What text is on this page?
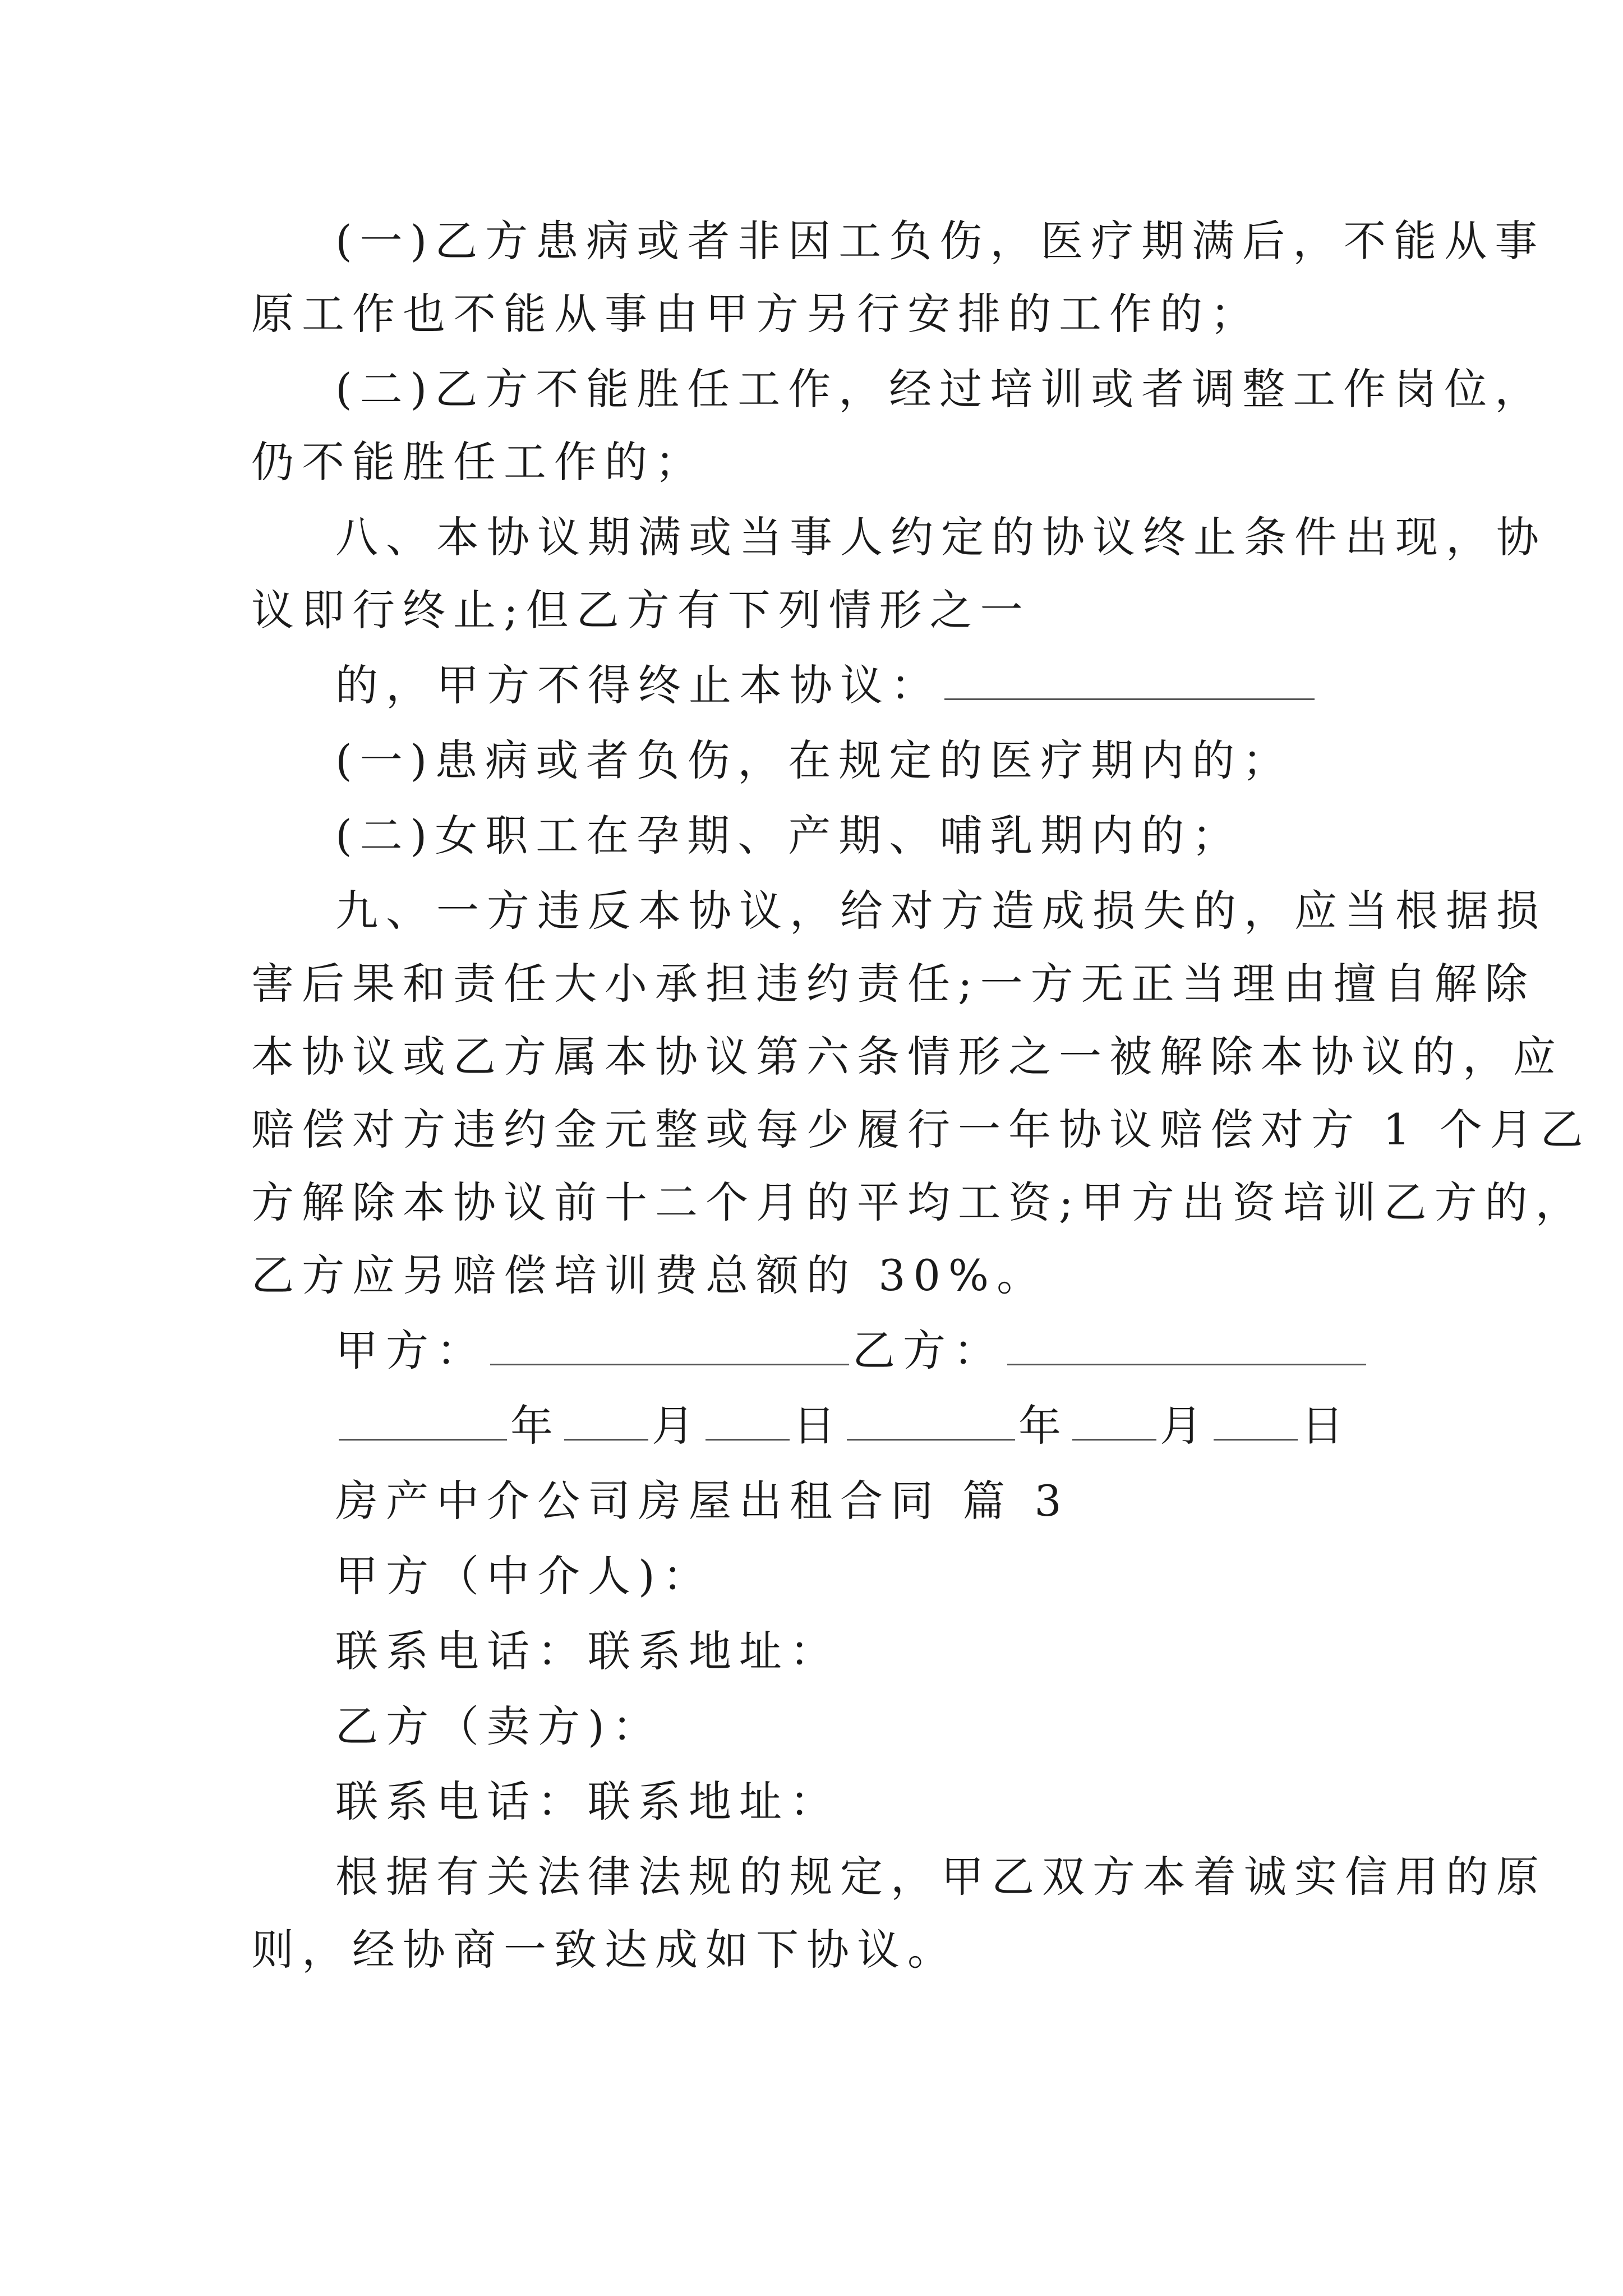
(一)乙方患病或者非因工负伤，医疗期满后，不能从事
原工作也不能从事由甲方另行安排的工作的；
(二)乙方不能胜任工作，经过培训或者调整工作岗位，
仍不能胜任工作的；
八、本协议期满或当事人约定的协议终止条件出现，协
议即行终止;但乙方有下列情形之一
的，甲方不得终止本协议：
(一)患病或者负伤，在规定的医疗期内的；
(二)女职工在孕期、产期、哺乳期内的；
九、一方违反本协议，给对方造成损失的，应当根据损
害后果和责任大小承担违约责任;一方无正当理由擅自解除
本协议或乙方属本协议第六条情形之一被解除本协议的，应
赔偿对方违约金元整或每少履行一年协议赔偿对方 1 个月乙
方解除本协议前十二个月的平均工资;甲方出资培训乙方的，
乙方应另赔偿培训费总额的 30%。
甲方：	乙方：
年 月 日	年 月 日
房产中介公司房屋出租合同 篇 3
甲方（中介人)：
联系电话：联系地址：
乙方（卖方)：
联系电话：联系地址：
根据有关法律法规的规定，甲乙双方本着诚实信用的原
则，经协商一致达成如下协议。
